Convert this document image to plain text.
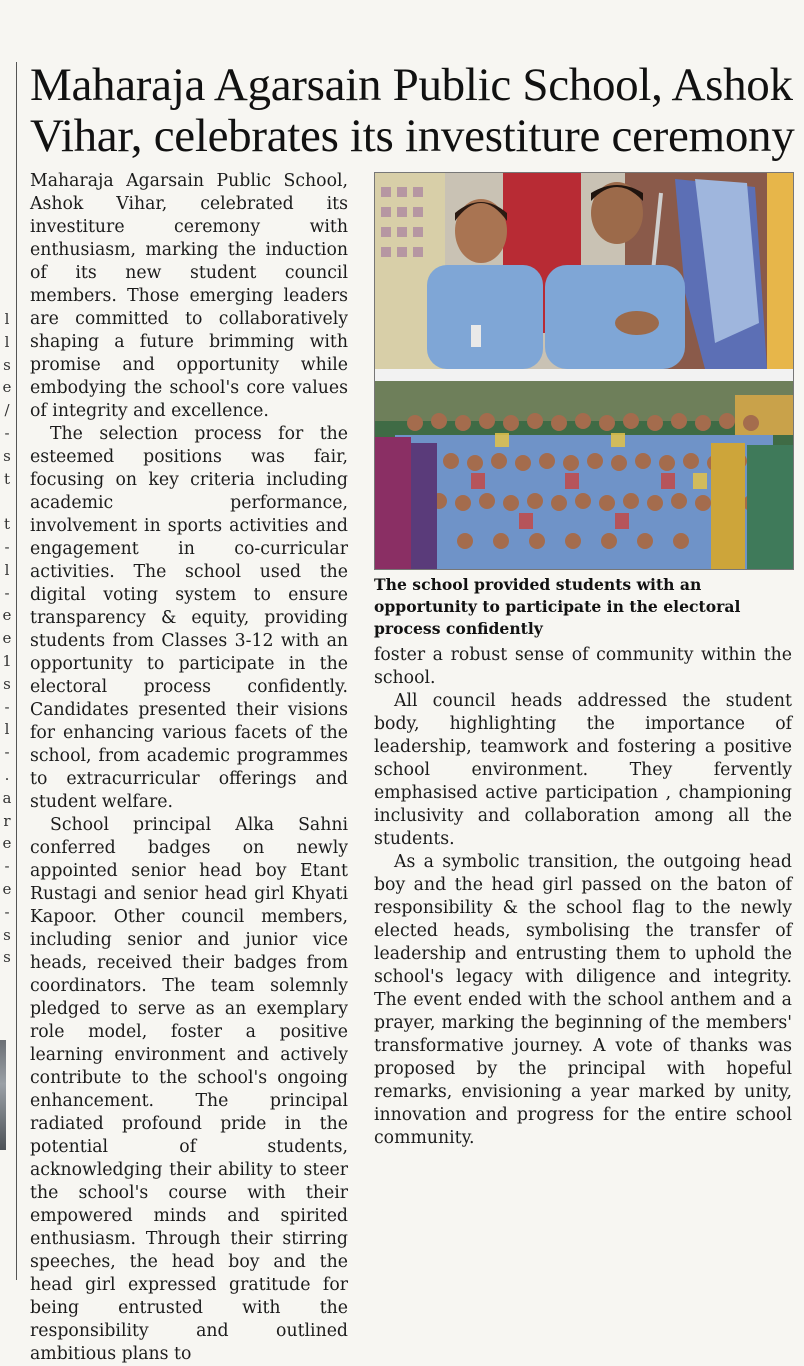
l
l
s
e
/
-
s
t
t
-
l
-
e
e
1
s
-
l
-
.
a
r
e
-
e
-
s
s
Maharaja Agarsain Public School, Ashok Vihar, celebrates its investiture ceremony

Maharaja Agarsain Public School, Ashok Vihar, celebrated its investiture ceremony with enthusiasm, marking the induction of its new student council members. Those emerging leaders are committed to collaboratively shaping a future brimming with promise and opportunity while embodying the school's core values of integrity and excellence.

The selection process for the esteemed positions was fair, focusing on key criteria including academic performance, involvement in sports activities and engagement in co-curricular activities. The school used the digital voting system to ensure transparency & equity, providing students from Classes 3-12 with an opportunity to participate in the electoral process confidently. Candidates presented their visions for enhancing various facets of the school, from academic programmes to extracurricular offerings and student welfare.

School principal Alka Sahni conferred badges on newly appointed senior head boy Etant Rustagi and senior head girl Khyati Kapoor. Other council members, including senior and junior vice heads, received their badges from coordinators. The team solemnly pledged to serve as an exemplary role model, foster a positive learning environment and actively contribute to the school's ongoing enhancement. The principal radiated profound pride in the potential of students, acknowledging their ability to steer the school's course with their empowered minds and spirited enthusiasm. Through their stirring speeches, the head boy and the head girl expressed gratitude for being entrusted with the responsibility and outlined ambitious plans to

The school provided students with an opportunity to participate in the electoral process confidently

foster a robust sense of community within the school.

All council heads addressed the student body, highlighting the importance of leadership, teamwork and fostering a positive school environment. They fervently emphasised active participation , championing inclusivity and collaboration among all the students.

As a symbolic transition, the outgoing head boy and the head girl passed on the baton of responsibility & the school flag to the newly elected heads, symbolising the transfer of leadership and entrusting them to uphold the school's legacy with diligence and integrity. The event ended with the school anthem and a prayer, marking the beginning of the members' transformative journey. A vote of thanks was proposed by the principal with hopeful remarks, envisioning a year marked by unity, innovation and progress for the entire school community.
